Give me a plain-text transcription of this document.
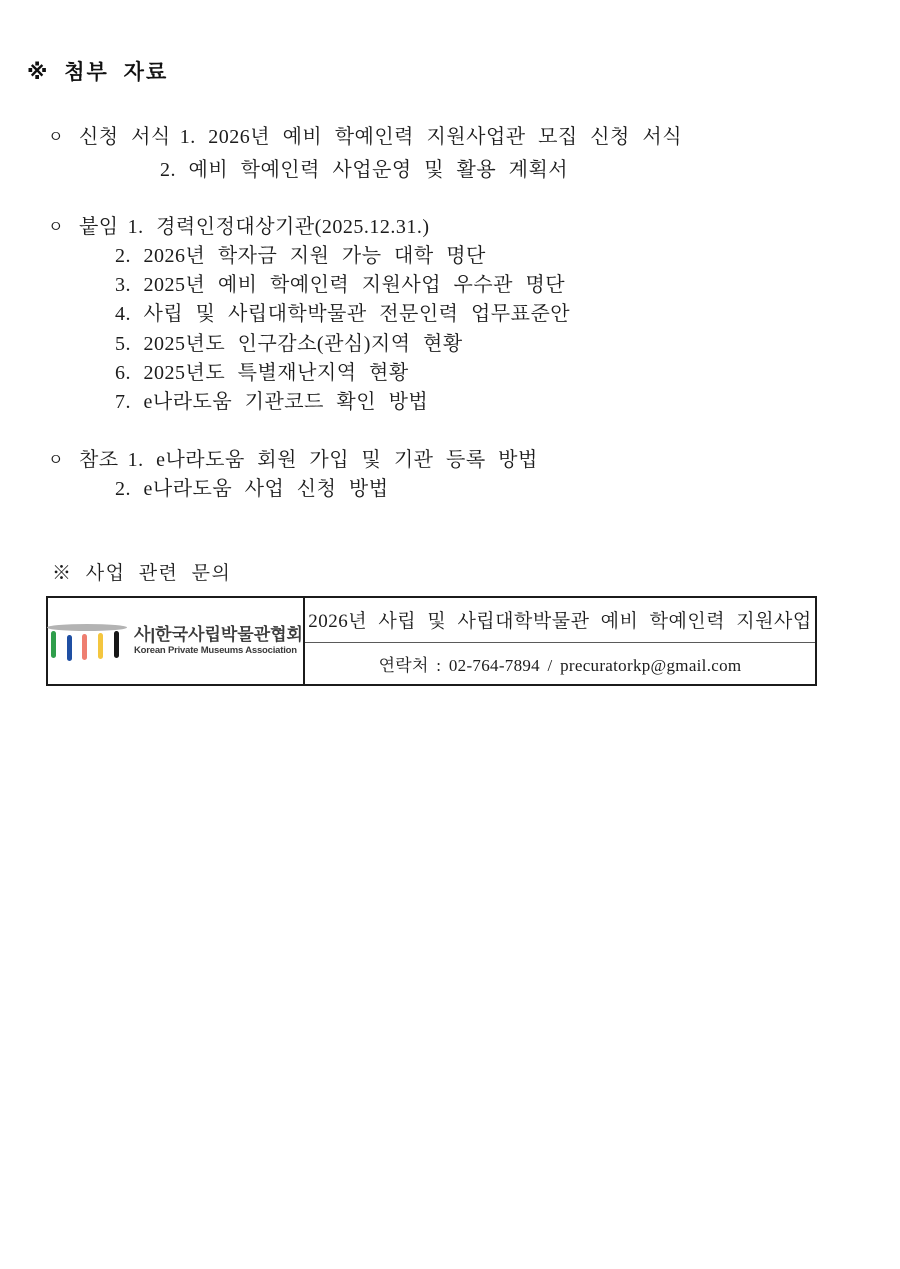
※ 첨부 자료
ㅇ 신청 서식 1. 2026년 예비 학예인력 지원사업관 모집 신청 서식
2. 예비 학예인력 사업운영 및 활용 계획서
ㅇ 붙임 1. 경력인정대상기관(2025.12.31.)
2. 2026년 학자금 지원 가능 대학 명단
3. 2025년 예비 학예인력 지원사업 우수관 명단
4. 사립 및 사립대학박물관 전문인력 업무표준안
5. 2025년도 인구감소(관심)지역 현황
6. 2025년도 특별재난지역 현황
7. e나라도움 기관코드 확인 방법
ㅇ 참조 1. e나라도움 회원 가입 및 기관 등록 방법
2. e나라도움 사업 신청 방법
※ 사업 관련 문의
사|한국사립박물관협회
Korean Private Museums Association
2026년 사립 및 사립대학박물관 예비 학예인력 지원사업
연락처 : 02-764-7894 / precuratorkp@gmail.com
